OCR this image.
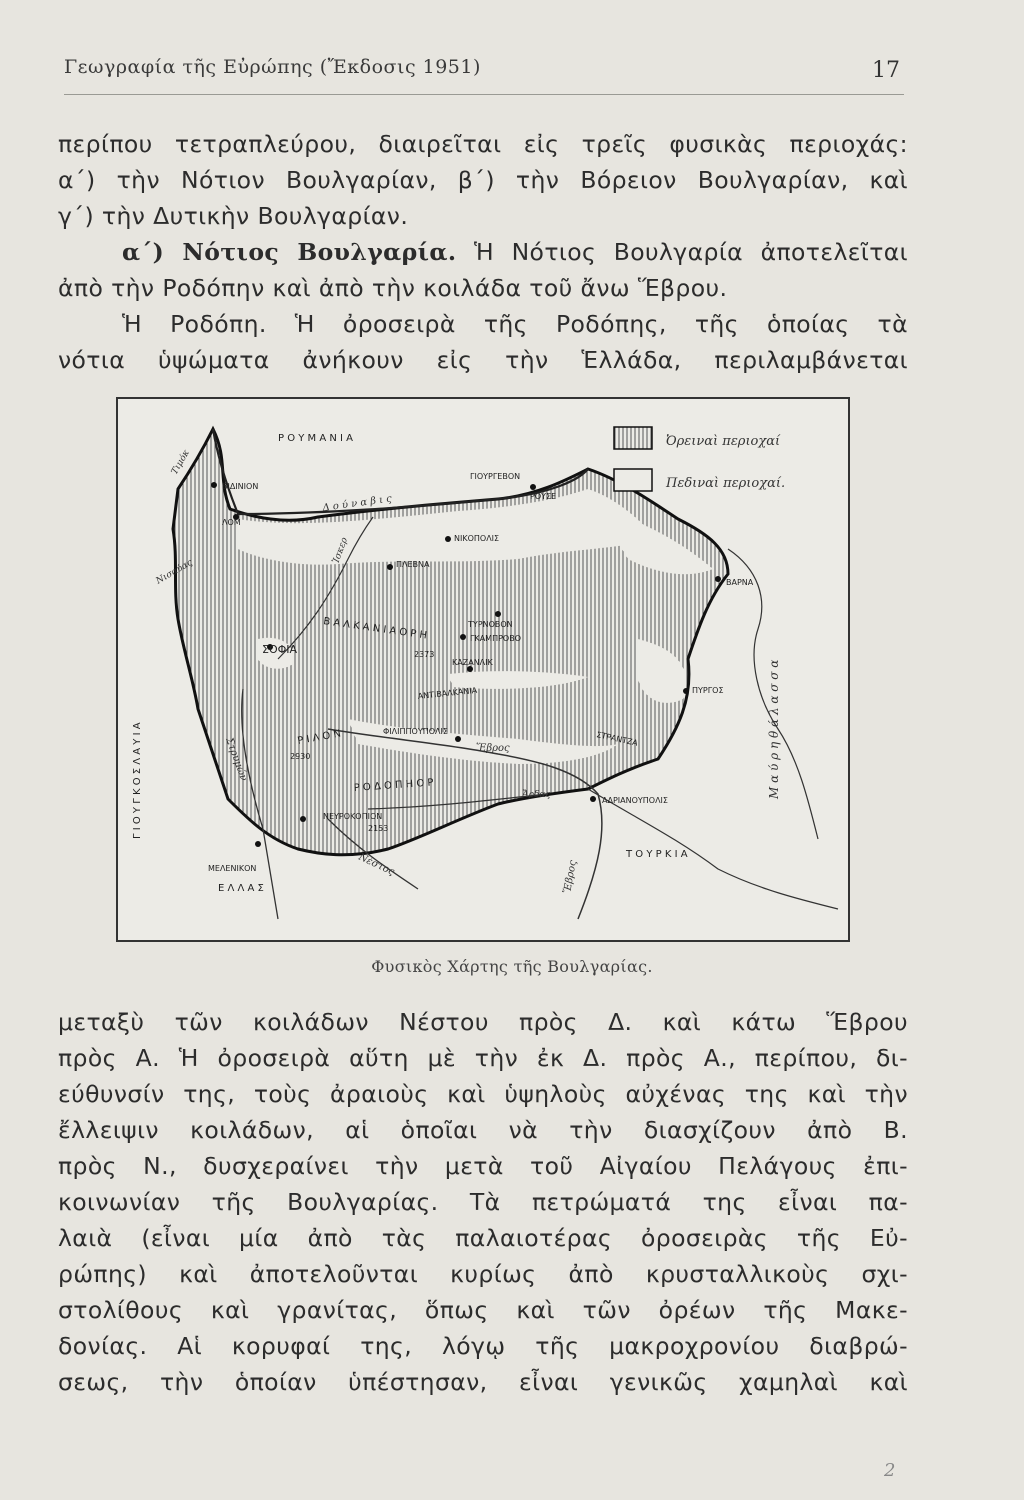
Γεωγραφία τῆς Εὐρώπης (Ἔκδοσις 1951)	17
περίπου τετραπλεύρου, διαιρεῖται εἰς τρεῖς φυσικὰς περιοχάς:
α΄) τὴν Νότιον Βουλγαρίαν, β΄) τὴν Βόρειον Βουλγαρίαν, καὶ
γ΄) τὴν Δυτικὴν Βουλγαρίαν.
α΄) Νότιος Βουλγαρία. Ἡ Νότιος Βουλγαρία ἀποτελεῖται
ἀπὸ τὴν Ροδόπην καὶ ἀπὸ τὴν κοιλάδα τοῦ ἄνω Ἕβρου.
Ἡ Ροδόπη. Ἡ ὀροσειρὰ τῆς Ροδόπης, τῆς ὁποίας τὰ
νότια ὑψώματα ἀνήκουν εἰς τὴν Ἑλλάδα, περιλαμβάνεται
Ὀρειναὶ περιοχαί
Πεδιναὶ περιοχαί.
Ρ Ο Υ Μ Α Ν Ι Α
Γ Ι Ο Υ Γ Κ Ο Σ Λ Α Υ Ι Α
Τ Ο Υ Ρ Κ Ι Α
Ε Λ Λ Α Σ
Μ α ύ ρ η θ ά λ α σ σ α
Δ ο ύ ν α β ι ς
ΒΙΔΙΝΙΟΝ
ΛΟΜ
ΓΙΟΥΡΓΕΒΟΝ
ΡΟΥΣΕ
ΝΙΚΟΠΟΛΙΣ
ΠΛΕΒΝΑ
ΒΑΡΝΑ
ΤΥΡΝΟΒΟΝ
ΓΚΑΜΠΡΟΒΟ
ΚΑΖΑΝΛΙΚ
ΣΟΦΙΑ
ΠΥΡΓΟΣ
ΦΙΛΙΠΠΟΥΠΟΛΙΣ
ΑΔΡΙΑΝΟΥΠΟΛΙΣ
ΝΕΥΡΟΚΟΠΙΟΝ
ΜΕΛΕΝΙΚΟΝ
Β Α Λ Κ Α Ν Ι Α Ο Ρ Η
ΑΝΤΙΒΑΛΚΑΝΙΑ
Ρ Ι Λ Ο Ν
Ρ Ο Δ Ο Π Η Ο Ρ
ΣΤΡΑΝΤΖΑ
Ἕβρος
Ἕβρος
Νέστος
Στρυμών
Ἰσκερ
Νισαύας
Τιμόκ
Ἄρδας
2373
2930
2153
Φυσικὸς Χάρτης τῆς Βουλγαρίας.
μεταξὺ τῶν κοιλάδων Νέστου πρὸς Δ. καὶ κάτω Ἕβρου
πρὸς Α. Ἡ ὀροσειρὰ αὕτη μὲ τὴν ἐκ Δ. πρὸς Α., περίπου, δι-
εύθυνσίν της, τοὺς ἀραιοὺς καὶ ὑψηλοὺς αὐχένας της καὶ τὴν
ἔλλειψιν κοιλάδων, αἱ ὁποῖαι νὰ τὴν διασχίζουν ἀπὸ Β.
πρὸς Ν., δυσχεραίνει τὴν μετὰ τοῦ Αἰγαίου Πελάγους ἐπι-
κοινωνίαν τῆς Βουλγαρίας. Τὰ πετρώματά της εἶναι πα-
λαιὰ (εἶναι μία ἀπὸ τὰς παλαιοτέρας ὀροσειρὰς τῆς Εὐ-
ρώπης) καὶ ἀποτελοῦνται κυρίως ἀπὸ κρυσταλλικοὺς σχι-
στολίθους καὶ γρανίτας, ὅπως καὶ τῶν ὀρέων τῆς Μακε-
δονίας. Αἱ κορυφαί της, λόγῳ τῆς μακροχρονίου διαβρώ-
σεως, τὴν ὁποίαν ὑπέστησαν, εἶναι γενικῶς χαμηλαὶ καὶ
2
